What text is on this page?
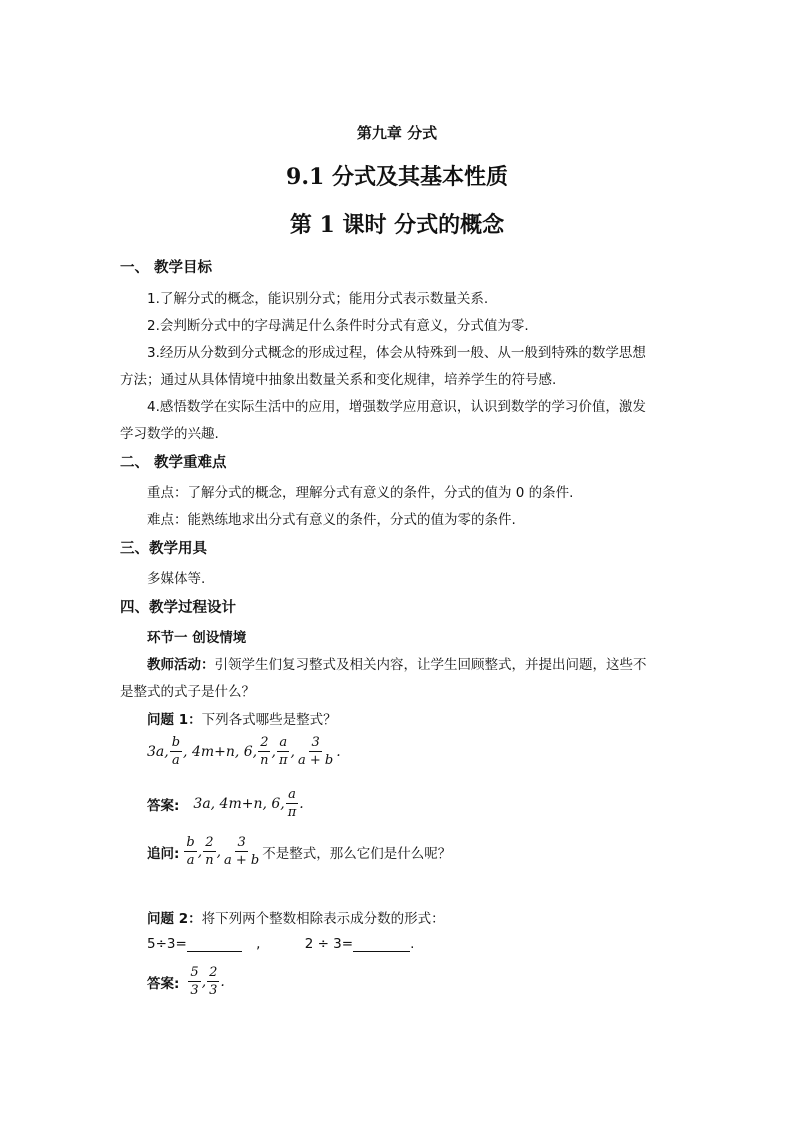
第九章 分式
9.1 分式及其基本性质
第 1 课时 分式的概念
一、 教学目标
1.了解分式的概念，能识别分式；能用分式表示数量关系.
2.会判断分式中的字母满足什么条件时分式有意义，分式值为零.
3.经历从分数到分式概念的形成过程，体会从特殊到一般、从一般到特殊的数学思想
方法；通过从具体情境中抽象出数量关系和变化规律，培养学生的符号感.
4.感悟数学在实际生活中的应用，增强数学应用意识，认识到数学的学习价值，激发
学习数学的兴趣.
二、 教学重难点
重点：了解分式的概念，理解分式有意义的条件，分式的值为 0 的条件.
难点：能熟练地求出分式有意义的条件，分式的值为零的条件.
三、教学用具
多媒体等.
四、教学过程设计
环节一 创设情境
教师活动：引领学生们复习整式及相关内容，让学生回顾整式，并提出问题，这些不
是整式的式子是什么？
问题 1：下列各式哪些是整式？
3a, $\frac{b}{a}$ , 4m+n, 6, $\frac{2}{n}$ , $\frac{a}{\pi}$ , $\frac{3}{a + b}$ .
答案: 3a, 4m+n, 6, $\frac{a}{\pi}$ .
追问: $\frac{b}{a}$ , $\frac{2}{n}$ , $\frac{3}{a + b}$ 不是整式，那么它们是什么呢？
问题 2：将下列两个整数相除表示成分数的形式：
5÷3=	,	2 ÷ 3=	.
答案: $\frac{5}{3}$ , $\frac{2}{3}$ .
